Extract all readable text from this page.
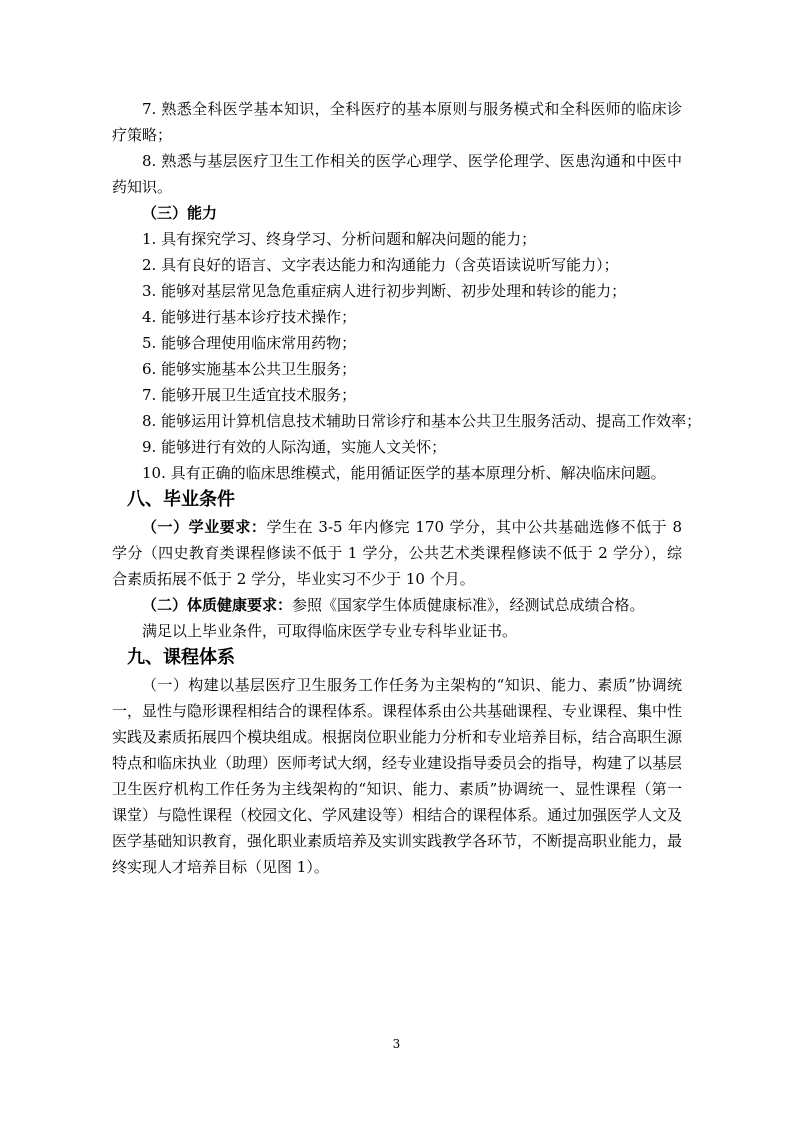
7. 熟悉全科医学基本知识，全科医疗的基本原则与服务模式和全科医师的临床诊疗策略；

8. 熟悉与基层医疗卫生工作相关的医学心理学、医学伦理学、医患沟通和中医中药知识。

（三）能力

1. 具有探究学习、终身学习、分析问题和解决问题的能力；

2. 具有良好的语言、文字表达能力和沟通能力（含英语读说听写能力）；

3. 能够对基层常见急危重症病人进行初步判断、初步处理和转诊的能力；

4. 能够进行基本诊疗技术操作；

5. 能够合理使用临床常用药物；

6. 能够实施基本公共卫生服务；

7. 能够开展卫生适宜技术服务；

8. 能够运用计算机信息技术辅助日常诊疗和基本公共卫生服务活动、提高工作效率；

9. 能够进行有效的人际沟通，实施人文关怀；

10. 具有正确的临床思维模式，能用循证医学的基本原理分析、解决临床问题。

八、毕业条件

（一）学业要求：学生在 3-5 年内修完 170 学分，其中公共基础选修不低于 8 学分（四史教育类课程修读不低于 1 学分，公共艺术类课程修读不低于 2 学分），综合素质拓展不低于 2 学分，毕业实习不少于 10 个月。

（二）体质健康要求：参照《国家学生体质健康标准》，经测试总成绩合格。

满足以上毕业条件，可取得临床医学专业专科毕业证书。

九、课程体系

（一）构建以基层医疗卫生服务工作任务为主架构的“知识、能力、素质”协调统一，显性与隐形课程相结合的课程体系。课程体系由公共基础课程、专业课程、集中性实践及素质拓展四个模块组成。根据岗位职业能力分析和专业培养目标，结合高职生源特点和临床执业（助理）医师考试大纲，经专业建设指导委员会的指导，构建了以基层卫生医疗机构工作任务为主线架构的“知识、能力、素质”协调统一、显性课程（第一课堂）与隐性课程（校园文化、学风建设等）相结合的课程体系。通过加强医学人文及医学基础知识教育，强化职业素质培养及实训实践教学各环节，不断提高职业能力，最终实现人才培养目标（见图 1）。

3
